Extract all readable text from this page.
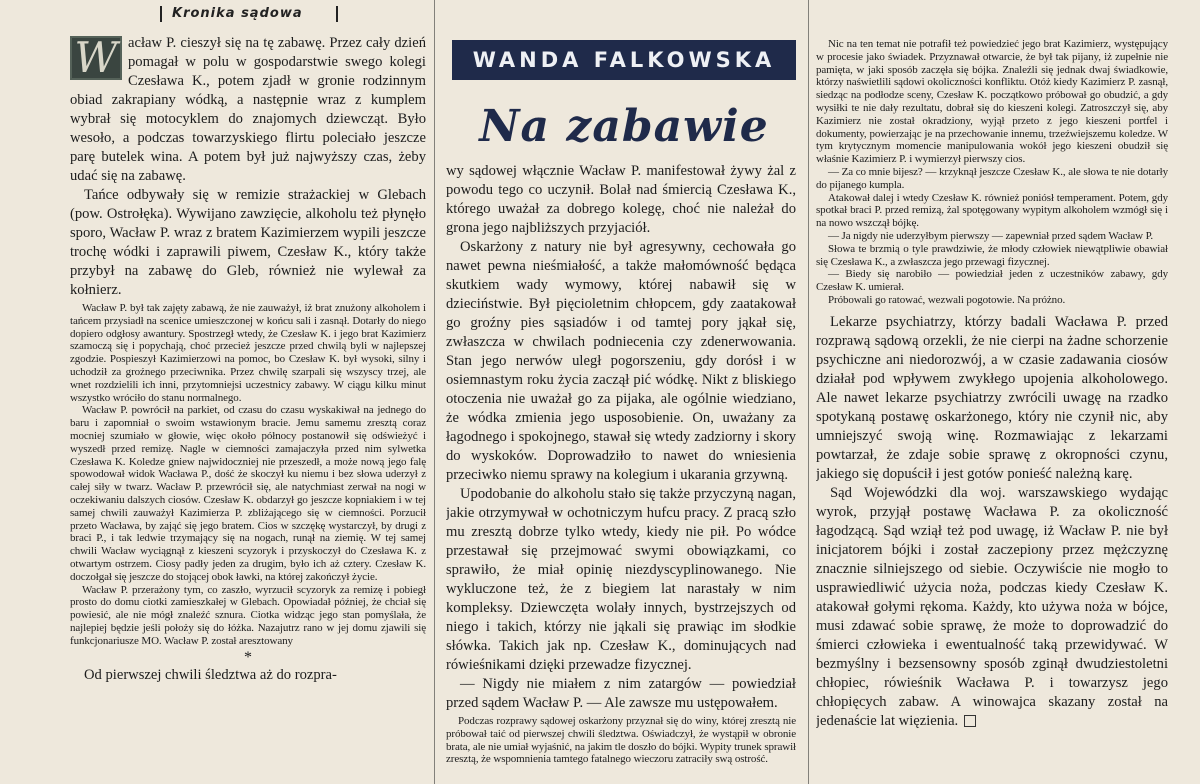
Kronika sądowa
W acław P. cieszył się na tę zabawę. Przez cały dzień pomagał w polu w gospodarstwie swego kolegi Czesława K., potem zjadł w gronie rodzinnym obiad zakrapiany wódką, a następnie wraz z kumplem wybrał się motocyklem do znajomych dziewcząt. Było wesoło, a podczas towarzyskiego flirtu poleciało jeszcze parę butelek wina. A potem był już najwyższy czas, żeby udać się na zabawę.

Tańce odbywały się w remizie strażackiej w Glebach (pow. Ostrołęka). Wywijano zawzięcie, alkoholu też płynęło sporo, Wacław P. wraz z bratem Kazimierzem wypili jeszcze trochę wódki i zaprawili piwem, Czesław K., który także przybył na zabawę do Gleb, również nie wylewał za kołnierz.

Wacław P. był tak zajęty zabawą, że nie zauważył, iż brat znużony alkoholem i tańcem przysiadł na scenice umieszczonej w końcu sali i zasnął. Dotarły do niego dopiero odgłosy awantury. Spostrzegł wtedy, że Czesław K. i jego brat Kazimierz szamoczą się i popychają, choć przecież jeszcze przed chwilą byli w najlepszej zgodzie. Pospieszył Kazimierzowi na pomoc, bo Czesław K. był wysoki, silny i uchodził za groźnego przeciwnika. Przez chwilę szarpali się wszyscy trzej, ale wnet rozdzielili ich inni, przytomniejsi uczestnicy zabawy. W ciągu kilku minut wszystko wróciło do stanu normalnego.

Wacław P. powrócił na parkiet, od czasu do czasu wyskakiwał na jednego do baru i zapomniał o swoim wstawionym bracie. Jemu samemu zresztą coraz mocniej szumiało w głowie, więc około północy postanowił się odświeżyć i wyszedł przed remizę. Nagle w ciemności zamajaczyła przed nim sylwetka Czesława K. Koledze gniew najwidoczniej nie przeszedł, a może nową jego falę spowodował widok Wacława P., dość że skoczył ku niemu i bez słowa uderzył z całej siły w twarz. Wacław P. przewrócił się, ale natychmiast zerwał na nogi w oczekiwaniu dalszych ciosów. Czesław K. obdarzył go jeszcze kopniakiem i w tej samej chwili zauważył Kazimierza P. zbliżającego się w ciemności. Porzucił przeto Wacława, by zająć się jego bratem. Cios w szczękę wystarczył, by drugi z braci P., i tak ledwie trzymający się na nogach, runął na ziemię. W tej samej chwili Wacław wyciągnął z kieszeni scyzoryk i przyskoczył do Czesława K. z otwartym ostrzem. Ciosy padły jeden za drugim, było ich aż cztery. Czesław K. doczołgał się jeszcze do stojącej obok ławki, na której zakończył życie.

Wacław P. przerażony tym, co zaszło, wyrzucił scyzoryk za remizę i pobiegł prosto do domu ciotki zamieszkałej w Glebach. Opowiadał później, że chciał się powiesić, ale nie mógł znaleźć sznura. Ciotka widząc jego stan pomyślała, że najlepiej będzie jeśli położy się do łóżka. Nazajutrz rano w jej domu zjawili się funkcjonariusze MO. Wacław P. został aresztowany

*

Od pierwszej chwili śledztwa aż do rozpra-

WANDA FALKOWSKA
Na zabawie

wy sądowej włącznie Wacław P. manifestował żywy żal z powodu tego co uczynił. Bolał nad śmiercią Czesława K., którego uważał za dobrego kolegę, choć nie należał do grona jego najbliższych przyjaciół.

Oskarżony z natury nie był agresywny, cechowała go nawet pewna nieśmiałość, a także małomówność będąca skutkiem wady wymowy, której nabawił się w dzieciństwie. Był pięcioletnim chłopcem, gdy zaatakował go groźny pies sąsiadów i od tamtej pory jąkał się, zwłaszcza w chwilach podniecenia czy zdenerwowania. Stan jego nerwów uległ pogorszeniu, gdy dorósł i w osiemnastym roku życia zaczął pić wódkę. Nikt z bliskiego otoczenia nie uważał go za pijaka, ale ogólnie wiedziano, że wódka zmienia jego usposobienie. On, uważany za łagodnego i spokojnego, stawał się wtedy zadziorny i skory do wyskoków. Doprowadziło to nawet do wniesienia przeciwko niemu sprawy na kolegium i ukarania grzywną.

Upodobanie do alkoholu stało się także przyczyną nagan, jakie otrzymywał w ochotniczym hufcu pracy. Z pracą szło mu zresztą dobrze tylko wtedy, kiedy nie pił. Po wódce przestawał się przejmować swymi obowiązkami, co sprawiło, że miał opinię niezdyscyplinowanego. Nie wykluczone też, że z biegiem lat narastały w nim kompleksy. Dziewczęta wolały innych, bystrzejszych od niego i takich, którzy nie jąkali się prawiąc im słodkie słówka. Takich jak np. Czesław K., dominujących nad rówieśnikami dzięki przewadze fizycznej.

— Nigdy nie miałem z nim zatargów — powiedział przed sądem Wacław P. — Ale zawsze mu ustępowałem.

Podczas rozprawy sądowej oskarżony przyznał się do winy, której zresztą nie próbował taić od pierwszej chwili śledztwa. Oświadczył, że wystąpił w obronie brata, ale nie umiał wyjaśnić, na jakim tle doszło do bójki. Wypity trunek sprawił zresztą, że wspomnienia tamtego fatalnego wieczoru zatraciły swą ostrość.

Nic na ten temat nie potrafił też powiedzieć jego brat Kazimierz, występujący w procesie jako świadek. Przyznawał otwarcie, że był tak pijany, iż zupełnie nie pamięta, w jaki sposób zaczęła się bójka. Znaleźli się jednak dwaj świadkowie, którzy naświetlili sądowi okoliczności konfliktu. Otóż kiedy Kazimierz P. zasnął, siedząc na podłodze sceny, Czesław K. początkowo próbował go obudzić, a gdy wysiłki te nie dały rezultatu, dobrał się do kieszeni kolegi. Zatroszczył się, aby Kazimierz nie został okradziony, wyjął przeto z jego kieszeni portfel i dokumenty, powierzając je na przechowanie innemu, trzeźwiejszemu koledze. W tym krytycznym momencie manipulowania wokół jego kieszeni obudził się właśnie Kazimierz P. i wymierzył pierwszy cios.

— Za co mnie bijesz? — krzyknął jeszcze Czesław K., ale słowa te nie dotarły do pijanego kumpla.

Atakował dalej i wtedy Czesław K. również poniósł temperament. Potem, gdy spotkał braci P. przed remizą, żal spotęgowany wypitym alkoholem wzmógł się i na nowo wszczął bójkę.

— Ja nigdy nie uderzyłbym pierwszy — zapewniał przed sądem Wacław P.

Słowa te brzmią o tyle prawdziwie, że młody człowiek niewątpliwie obawiał się Czesława K., a zwłaszcza jego przewagi fizycznej.

— Biedy się narobiło — powiedział jeden z uczestników zabawy, gdy Czesław K. umierał.

Próbowali go ratować, wezwali pogotowie. Na próżno.

Lekarze psychiatrzy, którzy badali Wacława P. przed rozprawą sądową orzekli, że nie cierpi na żadne schorzenie psychiczne ani niedorozwój, a w czasie zadawania ciosów działał pod wpływem zwykłego upojenia alkoholowego. Ale nawet lekarze psychiatrzy zwrócili uwagę na rzadko spotykaną postawę oskarżonego, który nie czynił nic, aby umniejszyć swoją winę. Rozmawiając z lekarzami powtarzał, że zdaje sobie sprawę z okropności czynu, jakiego się dopuścił i jest gotów ponieść należną karę.

Sąd Wojewódzki dla woj. warszawskiego wydając wyrok, przyjął postawę Wacława P. za okoliczność łagodzącą. Sąd wziął też pod uwagę, iż Wacław P. nie był inicjatorem bójki i został zaczepiony przez mężczyznę znacznie silniejszego od siebie. Oczywiście nie mogło to usprawiedliwić użycia noża, podczas kiedy Czesław K. atakował gołymi rękoma. Każdy, kto używa noża w bójce, musi zdawać sobie sprawę, że może to doprowadzić do śmierci człowieka i ewentualność taką przewidywać. W bezmyślny i bezsensowny sposób zginął dwudziestoletni chłopiec, rówieśnik Wacława P. i towarzysz jego chłopięcych zabaw. A winowajca skazany został na jedenaście lat więzienia.
